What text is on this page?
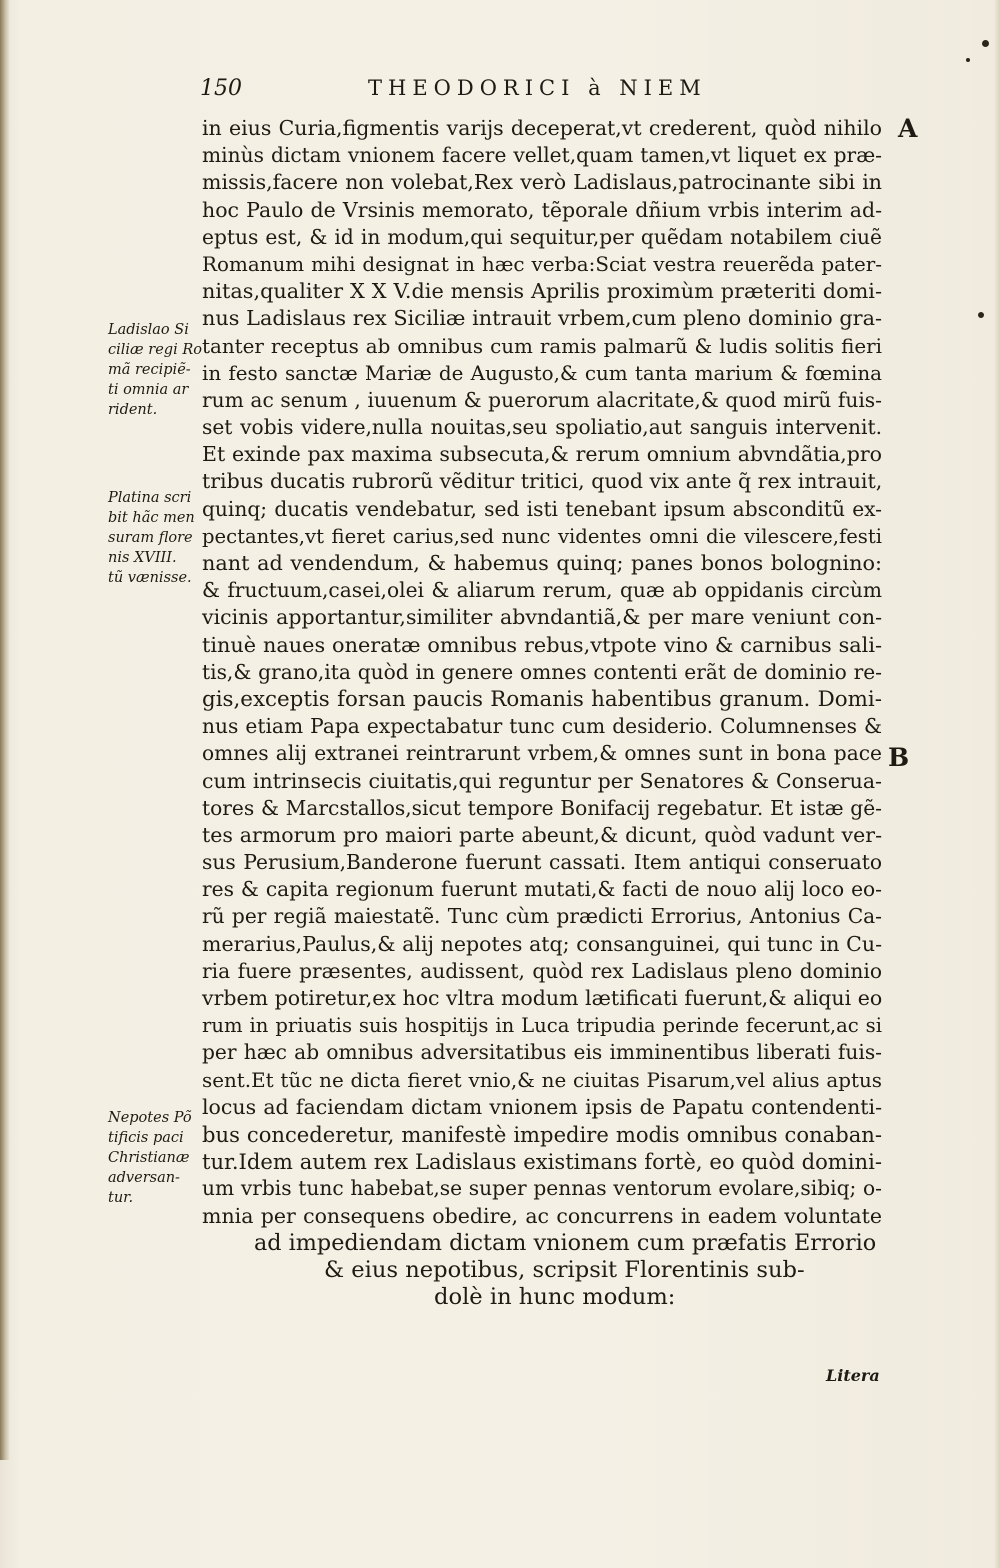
150	THEODORICI à NIEM
A
B
in eius Curia,figmentis varijs deceperat,vt crederent, quòd nihilo
minùs dictam vnionem facere vellet,quam tamen,vt liquet ex præ-
missis,facere non volebat,Rex verò Ladislaus,patrocinante sibi in
hoc Paulo de Vrsinis memorato, tẽporale dñium vrbis interim ad-
eptus est, & id in modum,qui sequitur,per quẽdam notabilem ciuẽ
Romanum mihi designat in hæc verba:Sciat vestra reuerẽda pater-
nitas,qualiter X X V.die mensis Aprilis proximùm præteriti domi-
nus Ladislaus rex Siciliæ intrauit vrbem,cum pleno dominio gra-
tanter receptus ab omnibus cum ramis palmarũ & ludis solitis fieri
in festo sanctæ Mariæ de Augusto,& cum tanta marium & fœmina
rum ac senum , iuuenum & puerorum alacritate,& quod mirũ fuis-
set vobis videre,nulla nouitas,seu spoliatio,aut sanguis intervenit.
Et exinde pax maxima subsecuta,& rerum omnium abvndãtia,pro
tribus ducatis rubrorũ vẽditur tritici, quod vix ante q̃ rex intrauit,
quinq; ducatis vendebatur, sed isti tenebant ipsum absconditũ ex-
pectantes,vt fieret carius,sed nunc videntes omni die vilescere,festi
nant ad vendendum, & habemus quinq; panes bonos bolognino:
& fructuum,casei,olei & aliarum rerum, quæ ab oppidanis circùm
vicinis apportantur,similiter abvndantiã,& per mare veniunt con-
tinuè naues oneratæ omnibus rebus,vtpote vino & carnibus sali-
tis,& grano,ita quòd in genere omnes contenti erãt de dominio re-
gis,exceptis forsan paucis Romanis habentibus granum. Domi-
nus etiam Papa expectabatur tunc cum desiderio. Columnenses &
omnes alij extranei reintrarunt vrbem,& omnes sunt in bona pace
cum intrinsecis ciuitatis,qui reguntur per Senatores & Conserua-
tores & Marcstallos,sicut tempore Bonifacij regebatur. Et istæ gẽ-
tes armorum pro maiori parte abeunt,& dicunt, quòd vadunt ver-
sus Perusium,Banderone fuerunt cassati. Item antiqui conseruato
res & capita regionum fuerunt mutati,& facti de nouo alij loco eo-
rũ per regiã maiestatẽ. Tunc cùm prædicti Errorius, Antonius Ca-
merarius,Paulus,& alij nepotes atq; consanguinei, qui tunc in Cu-
ria fuere præsentes, audissent, quòd rex Ladislaus pleno dominio
vrbem potiretur,ex hoc vltra modum lætificati fuerunt,& aliqui eo
rum in priuatis suis hospitijs in Luca tripudia perinde fecerunt,ac si
per hæc ab omnibus adversitatibus eis imminentibus liberati fuis-
sent.Et tũc ne dicta fieret vnio,& ne ciuitas Pisarum,vel alius aptus
locus ad faciendam dictam vnionem ipsis de Papatu contendenti-
bus concederetur, manifestè impedire modis omnibus conaban-
tur.Idem autem rex Ladislaus existimans fortè, eo quòd domini-
um vrbis tunc habebat,se super pennas ventorum evolare,sibiq; o-
mnia per consequens obedire, ac concurrens in eadem voluntate
ad impediendam dictam vnionem cum præfatis Errorio
& eius nepotibus, scripsit Florentinis sub-
dolè in hunc modum:
Litera
Ladislao Si
ciliæ regi Ro
mã recipiẽ-
ti omnia ar
rident.
Platina scri
bit hãc men
suram flore
nis XVIII.
tũ vænisse.
Nepotes Põ
tificis paci
Christianæ
adversan-
tur.
